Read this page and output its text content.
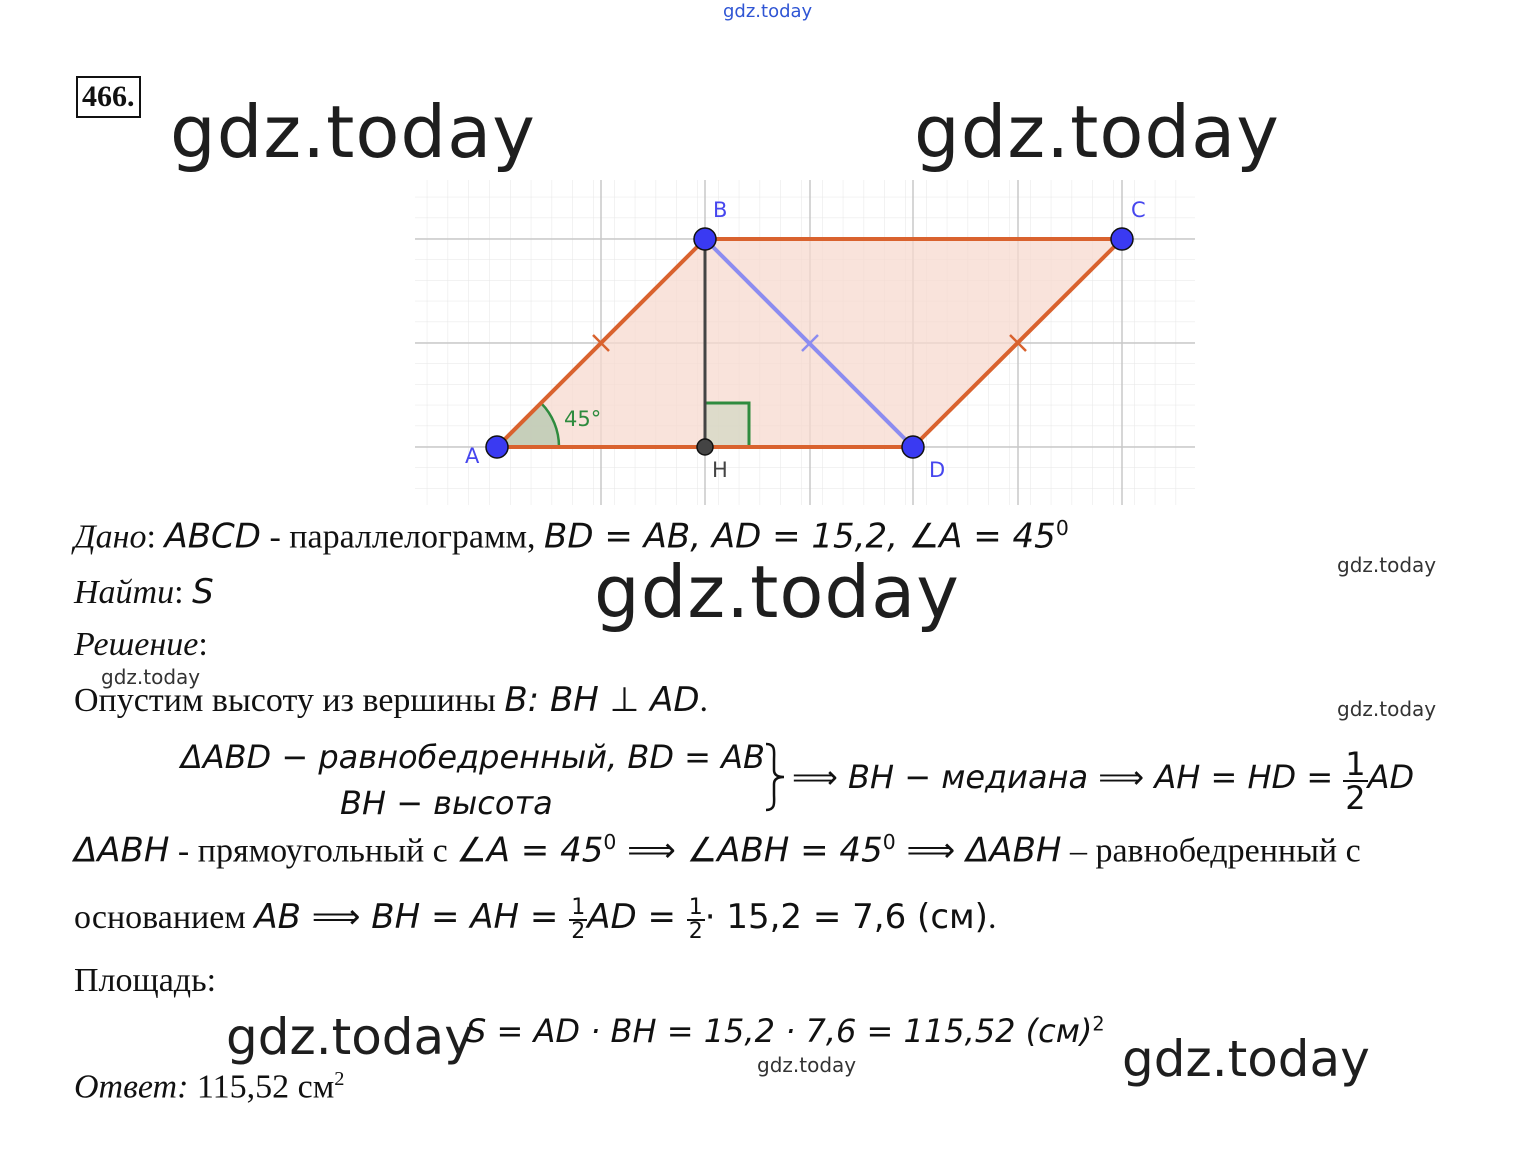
gdz.today
gdz.today	gdz.today
gdz.today	gdz.today
gdz.today
gdz.today
466.
A
B	C
D
H
45°
Дано: ABCD - параллелограмм, BD = AB, AD = 15,2, ∠A = $45^0$
Найти: S
Решение:
Опустим высоту из вершины B: BH ⊥ AD.
ΔABD − равнобедренный, BD = AB
BH − высота
⟹ BH − медиана ⟹ AH = HD = $\frac{1}{2}$ AD
ΔABH - прямоугольный с ∠A = $45^0$ ⟹ ∠ABH = $45^0$ ⟹ ΔABH – равнобедренный с
основанием AB ⟹ BH = AH = $\frac{1}{2}$ AD = $\frac{1}{2} \cdot 15,2 = 7,6$ (см).
Площадь:
gdz.today
S = AD · BH = 15,2 · 7,6 = 115,52 (см)$^2$
gdz.today
gdz.today
Ответ: 115,52 $см^2$
